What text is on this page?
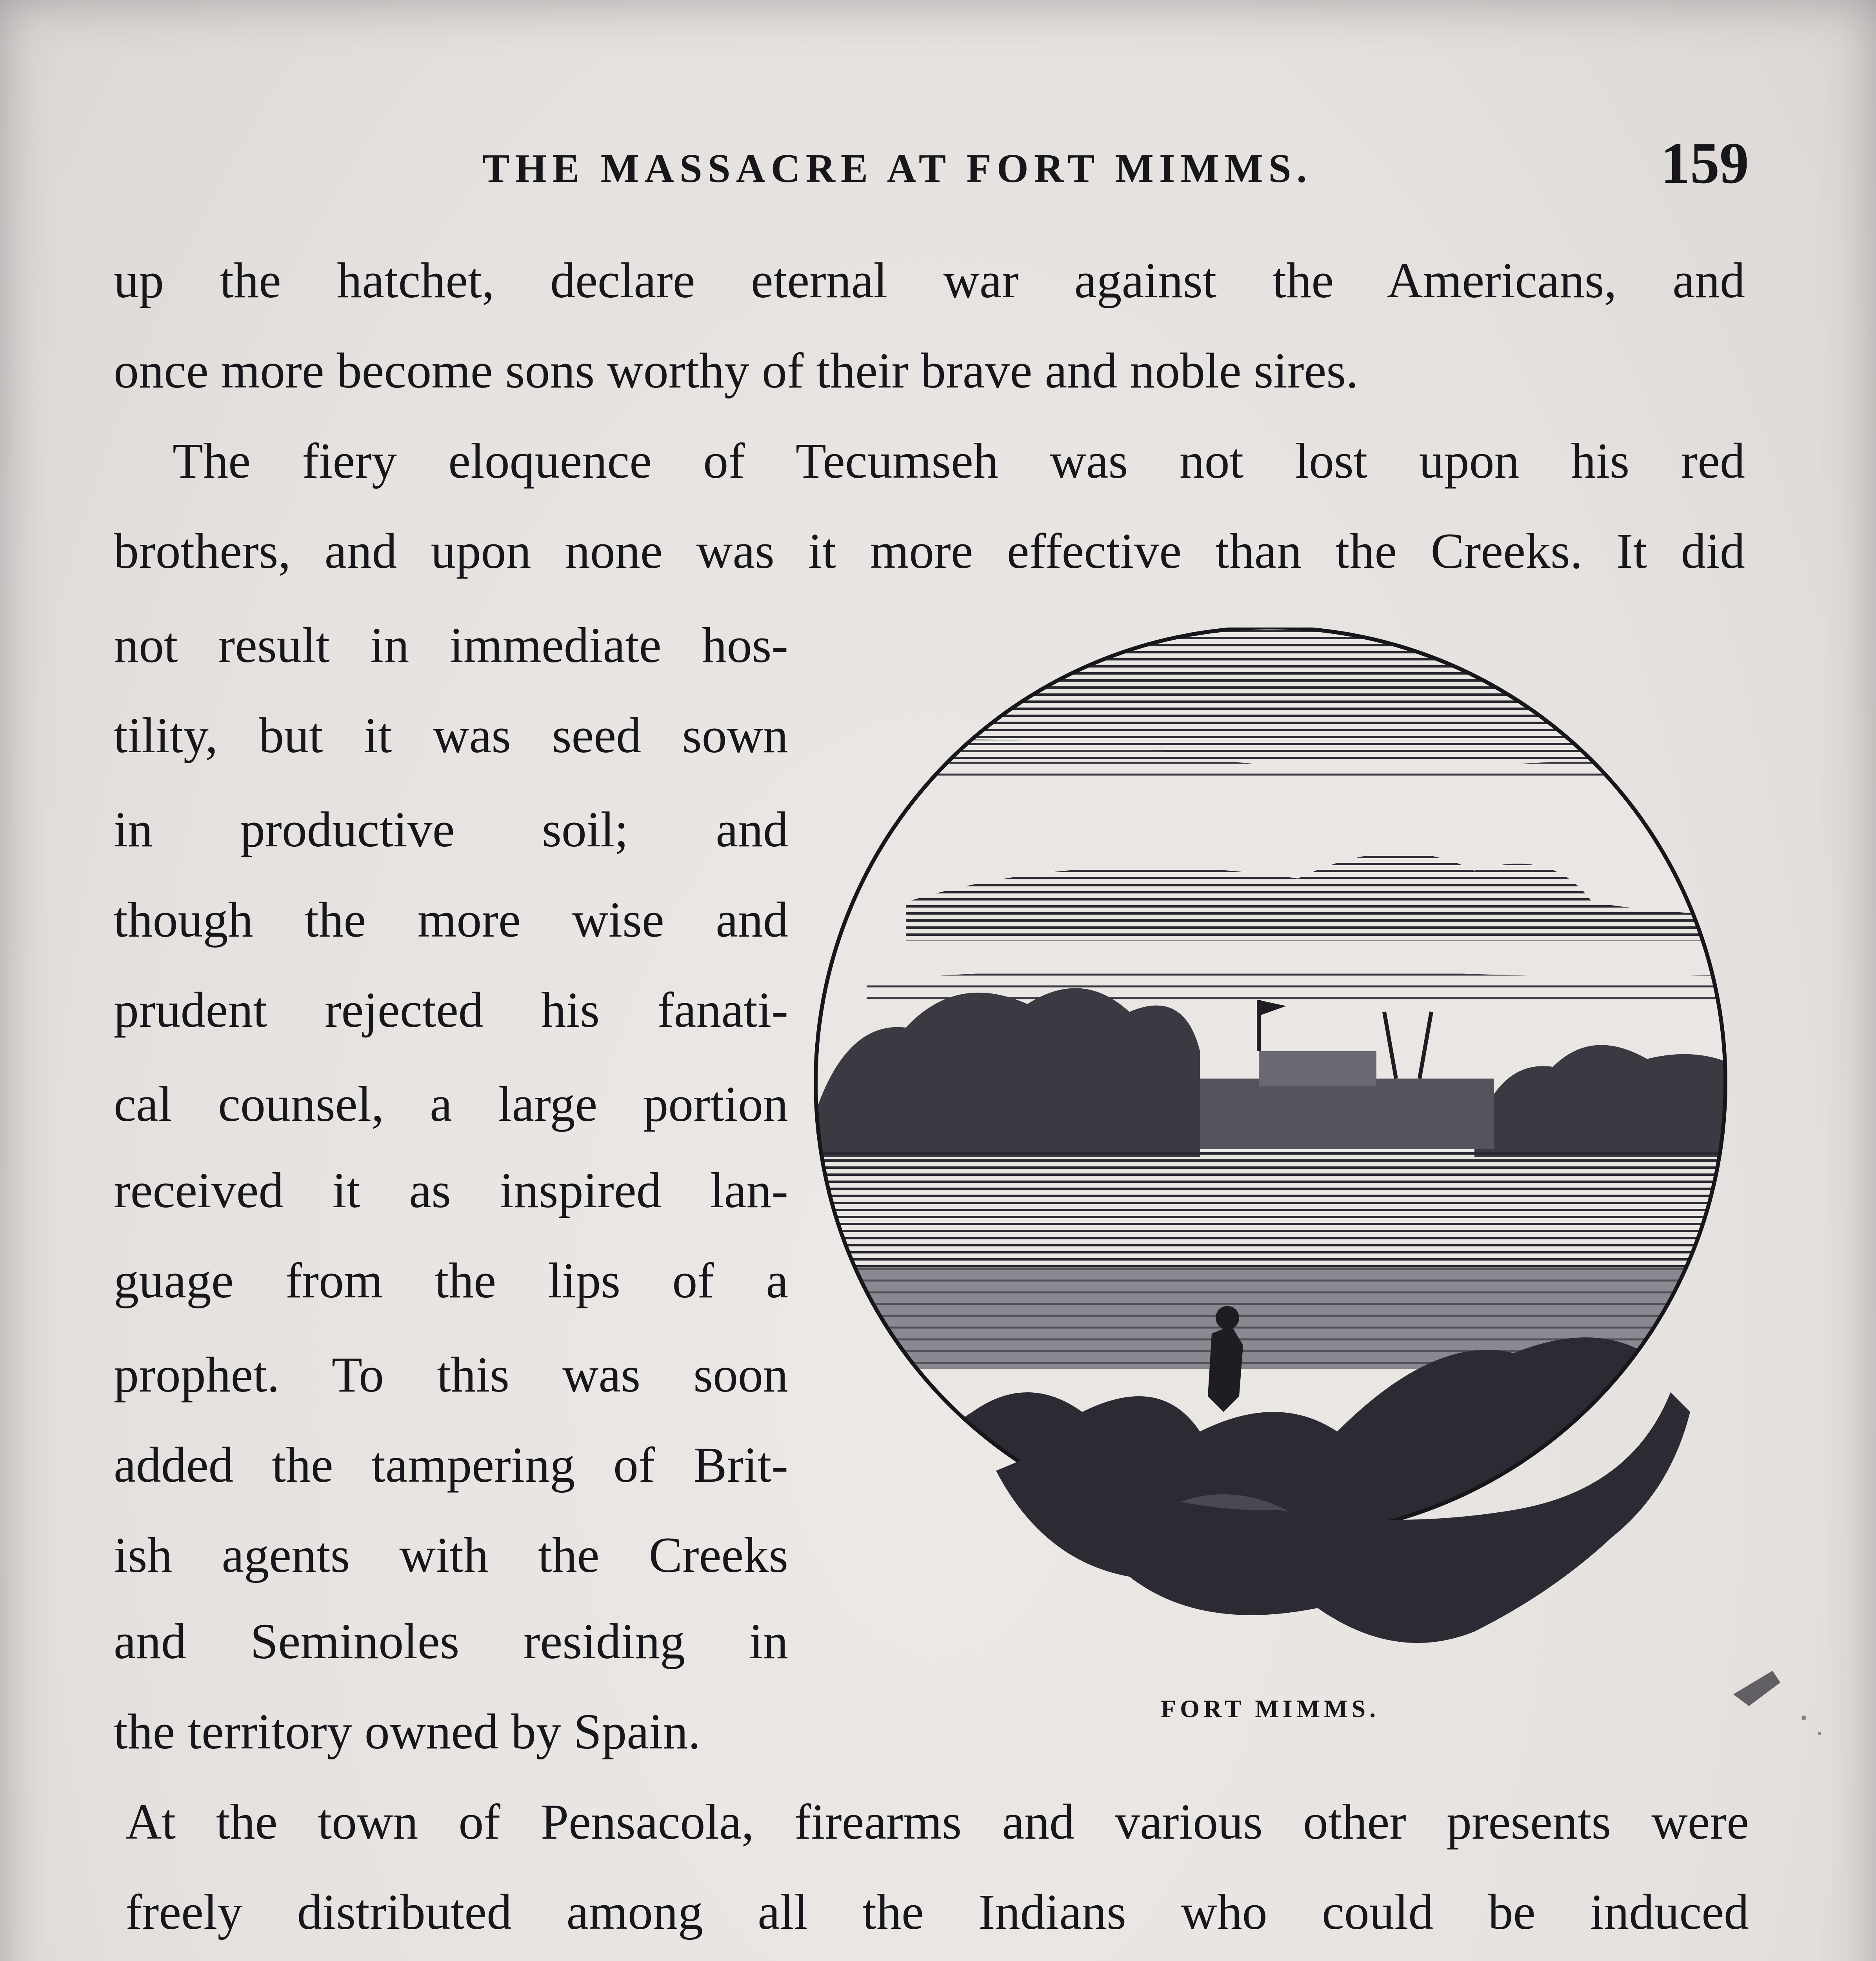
THE MASSACRE AT FORT MIMMS.	159
up the hatchet, declare eternal war against the Americans, and
once more become sons worthy of their brave and noble sires.
The fiery eloquence of Tecumseh was not lost upon his red
brothers, and upon none was it more effective than the Creeks. It did
not result in immediate hos-
tility, but it was seed sown
in productive soil; and
though the more wise and
prudent rejected his fanati-
cal counsel, a large portion
received it as inspired lan-
guage from the lips of a
prophet. To this was soon
added the tampering of Brit-
ish agents with the Creeks
and Seminoles residing in
the territory owned by Spain.	FORT MIMMS.
At the town of Pensacola, firearms and various other presents were
freely distributed among all the Indians who could be induced
